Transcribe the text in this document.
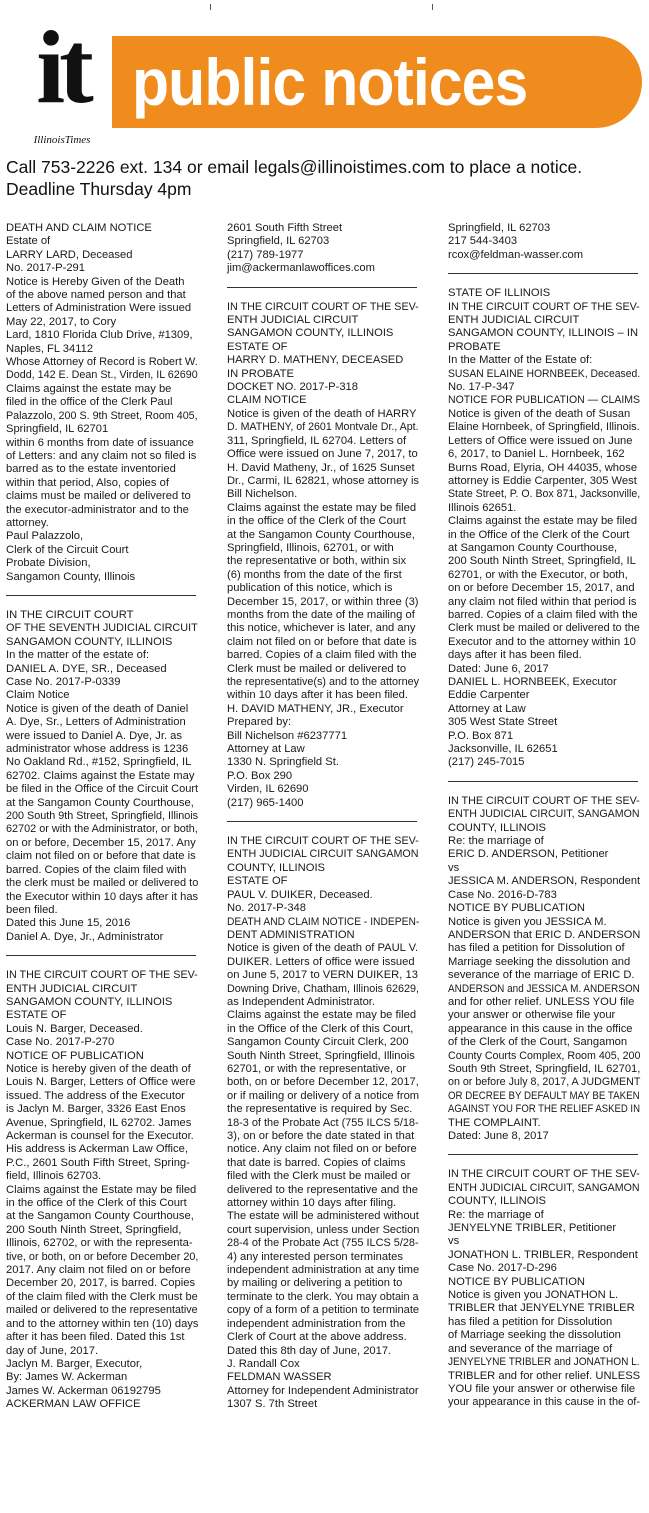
it
IllinoisTimes
public notices
Call 753-2226 ext. 134 or email legals@illinoistimes.com to place a notice.
Deadline Thursday 4pm
DEATH AND CLAIM NOTICE
Estate of
LARRY LARD, Deceased
No. 2017-P-291
Notice is Hereby Given of the Death
of the above named person and that
Letters of Administration Were issued
May 22, 2017, to Cory
Lard, 1810 Florida Club Drive, #1309,
Naples, FL 34112
Whose Attorney of Record is Robert W.
Dodd, 142 E. Dean St., Virden, IL 62690
Claims against the estate may be
filed in the office of the Clerk Paul
Palazzolo, 200 S. 9th Street, Room 405,
Springfield, IL 62701
within 6 months from date of issuance
of Letters: and any claim not so filed is
barred as to the estate inventoried
within that period, Also, copies of
claims must be mailed or delivered to
the executor-administrator and to the
attorney.
Paul Palazzolo,
Clerk of the Circuit Court
Probate Division,
Sangamon County, Illinois
IN THE CIRCUIT COURT
OF THE SEVENTH JUDICIAL CIRCUIT
SANGAMON COUNTY, ILLINOIS
In the matter of the estate of:
DANIEL A. DYE, SR., Deceased
Case No. 2017-P-0339
Claim Notice
Notice is given of the death of Daniel
A. Dye, Sr., Letters of Administration
were issued to Daniel A. Dye, Jr. as
administrator whose address is 1236
No Oakland Rd., #152, Springfield, IL
62702. Claims against the Estate may
be filed in the Office of the Circuit Court
at the Sangamon County Courthouse,
200 South 9th Street, Springfield, Illinois
62702 or with the Administrator, or both,
on or before, December 15, 2017. Any
claim not filed on or before that date is
barred. Copies of the claim filed with
the clerk must be mailed or delivered to
the Executor within 10 days after it has
been filed.
Dated this June 15, 2016
Daniel A. Dye, Jr., Administrator
IN THE CIRCUIT COURT OF THE SEV-
ENTH JUDICIAL CIRCUIT
SANGAMON COUNTY, ILLINOIS
ESTATE OF
Louis N. Barger, Deceased.
Case No. 2017-P-270
NOTICE OF PUBLICATION
Notice is hereby given of the death of
Louis N. Barger, Letters of Office were
issued. The address of the Executor
is Jaclyn M. Barger, 3326 East Enos
Avenue, Springfield, IL 62702. James
Ackerman is counsel for the Executor.
His address is Ackerman Law Office,
P.C., 2601 South Fifth Street, Spring-
field, Illinois 62703.
Claims against the Estate may be filed
in the office of the Clerk of this Court
at the Sangamon County Courthouse,
200 South Ninth Street, Springfield,
Illinois, 62702, or with the representa-
tive, or both, on or before December 20,
2017. Any claim not filed on or before
December 20, 2017, is barred. Copies
of the claim filed with the Clerk must be
mailed or delivered to the representative
and to the attorney within ten (10) days
after it has been filed. Dated this 1st
day of June, 2017.
Jaclyn M. Barger, Executor,
By: James W. Ackerman
James W. Ackerman 06192795
ACKERMAN LAW OFFICE
2601 South Fifth Street
Springfield, IL 62703
(217) 789-1977
jim@ackermanlawoffices.com
IN THE CIRCUIT COURT OF THE SEV-
ENTH JUDICIAL CIRCUIT
SANGAMON COUNTY, ILLINOIS
ESTATE OF
HARRY D. MATHENY, DECEASED
IN PROBATE
DOCKET NO. 2017-P-318
CLAIM NOTICE
Notice is given of the death of HARRY
D. MATHENY, of 2601 Montvale Dr., Apt.
311, Springfield, IL 62704. Letters of
Office were issued on June 7, 2017, to
H. David Matheny, Jr., of 1625 Sunset
Dr., Carmi, IL 62821, whose attorney is
Bill Nichelson.
Claims against the estate may be filed
in the office of the Clerk of the Court
at the Sangamon County Courthouse,
Springfield, Illinois, 62701, or with
the representative or both, within six
(6) months from the date of the first
publication of this notice, which is
December 15, 2017, or within three (3)
months from the date of the mailing of
this notice, whichever is later, and any
claim not filed on or before that date is
barred. Copies of a claim filed with the
Clerk must be mailed or delivered to
the representative(s) and to the attorney
within 10 days after it has been filed.
H. DAVID MATHENY, JR., Executor
Prepared by:
Bill Nichelson #6237771
Attorney at Law
1330 N. Springfield St.
P.O. Box 290
Virden, IL 62690
(217) 965-1400
IN THE CIRCUIT COURT OF THE SEV-
ENTH JUDICIAL CIRCUIT SANGAMON
COUNTY, ILLINOIS
ESTATE OF
PAUL V. DUIKER, Deceased.
No. 2017-P-348
DEATH AND CLAIM NOTICE - INDEPEN-
DENT ADMINISTRATION
Notice is given of the death of PAUL V.
DUIKER. Letters of office were issued
on June 5, 2017 to VERN DUIKER, 13
Downing Drive, Chatham, Illinois 62629,
as Independent Administrator.
Claims against the estate may be filed
in the Office of the Clerk of this Court,
Sangamon County Circuit Clerk, 200
South Ninth Street, Springfield, Illinois
62701, or with the representative, or
both, on or before December 12, 2017,
or if mailing or delivery of a notice from
the representative is required by Sec.
18-3 of the Probate Act (755 ILCS 5/18-
3), on or before the date stated in that
notice. Any claim not filed on or before
that date is barred. Copies of claims
filed with the Clerk must be mailed or
delivered to the representative and the
attorney within 10 days after filing.
The estate will be administered without
court supervision, unless under Section
28-4 of the Probate Act (755 ILCS 5/28-
4) any interested person terminates
independent administration at any time
by mailing or delivering a petition to
terminate to the clerk. You may obtain a
copy of a form of a petition to terminate
independent administration from the
Clerk of Court at the above address.
Dated this 8th day of June, 2017.
J. Randall Cox
FELDMAN WASSER
Attorney for Independent Administrator
1307 S. 7th Street
Springfield, IL 62703
217 544-3403
rcox@feldman-wasser.com
STATE OF ILLINOIS
IN THE CIRCUIT COURT OF THE SEV-
ENTH JUDICIAL CIRCUIT
SANGAMON COUNTY, ILLINOIS – IN
PROBATE
In the Matter of the Estate of:
SUSAN ELAINE HORNBEEK, Deceased.
No. 17-P-347
NOTICE FOR PUBLICATION — CLAIMS
Notice is given of the death of Susan
Elaine Hornbeek, of Springfield, Illinois.
Letters of Office were issued on June
6, 2017, to Daniel L. Hornbeek, 162
Burns Road, Elyria, OH 44035, whose
attorney is Eddie Carpenter, 305 West
State Street, P. O. Box 871, Jacksonville,
Illinois 62651.
Claims against the estate may be filed
in the Office of the Clerk of the Court
at Sangamon County Courthouse,
200 South Ninth Street, Springfield, IL
62701, or with the Executor, or both,
on or before December 15, 2017, and
any claim not filed within that period is
barred. Copies of a claim filed with the
Clerk must be mailed or delivered to the
Executor and to the attorney within 10
days after it has been filed.
Dated: June 6, 2017
DANIEL L. HORNBEEK, Executor
Eddie Carpenter
Attorney at Law
305 West State Street
P.O. Box 871
Jacksonville, IL 62651
(217) 245-7015
IN THE CIRCUIT COURT OF THE SEV-
ENTH JUDICIAL CIRCUIT, SANGAMON
COUNTY, ILLINOIS
Re: the marriage of
ERIC D. ANDERSON, Petitioner
vs
JESSICA M. ANDERSON, Respondent
Case No. 2016-D-783
NOTICE BY PUBLICATION
Notice is given you JESSICA M.
ANDERSON that ERIC D. ANDERSON
has filed a petition for Dissolution of
Marriage seeking the dissolution and
severance of the marriage of ERIC D.
ANDERSON and JESSICA M. ANDERSON
and for other relief. UNLESS YOU file
your answer or otherwise file your
appearance in this cause in the office
of the Clerk of the Court, Sangamon
County Courts Complex, Room 405, 200
South 9th Street, Springfield, IL 62701,
on or before July 8, 2017, A JUDGMENT
OR DECREE BY DEFAULT MAY BE TAKEN
AGAINST YOU FOR THE RELIEF ASKED IN
THE COMPLAINT.
Dated: June 8, 2017
IN THE CIRCUIT COURT OF THE SEV-
ENTH JUDICIAL CIRCUIT, SANGAMON
COUNTY, ILLINOIS
Re: the marriage of
JENYELYNE TRIBLER, Petitioner
vs
JONATHON L. TRIBLER, Respondent
Case No. 2017-D-296
NOTICE BY PUBLICATION
Notice is given you JONATHON L.
TRIBLER that JENYELYNE TRIBLER
has filed a petition for Dissolution
of Marriage seeking the dissolution
and severance of the marriage of
JENYELYNE TRIBLER and JONATHON L.
TRIBLER and for other relief. UNLESS
YOU file your answer or otherwise file
your appearance in this cause in the of-
